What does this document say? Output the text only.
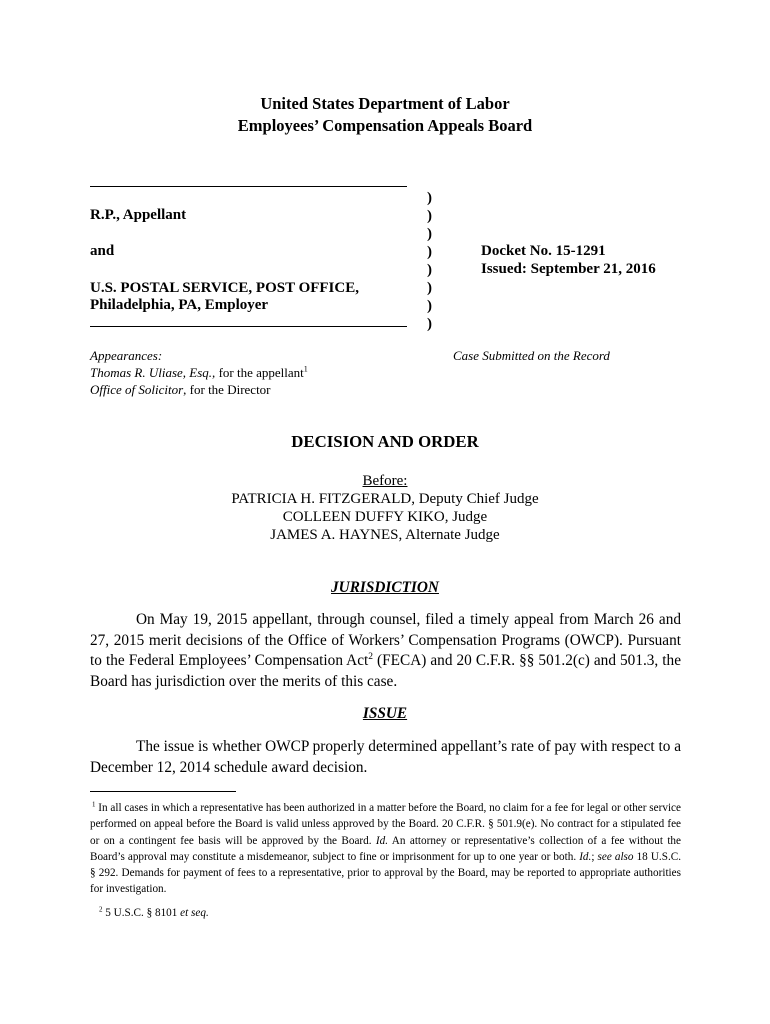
United States Department of Labor
Employees’ Compensation Appeals Board
R.P., Appellant
and
U.S. POSTAL SERVICE, POST OFFICE,
Philadelphia, PA, Employer
)
)
)
)
)
)
)
)
Docket No. 15-1291
Issued: September 21, 2016
Appearances:
Thomas R. Uliase, Esq., for the appellant$^1$
Office of Solicitor, for the Director
Case Submitted on the Record
DECISION AND ORDER
Before:
PATRICIA H. FITZGERALD, Deputy Chief Judge
COLLEEN DUFFY KIKO, Judge
JAMES A. HAYNES, Alternate Judge
JURISDICTION
On May 19, 2015 appellant, through counsel, filed a timely appeal from March 26 and 27, 2015 merit decisions of the Office of Workers’ Compensation Programs (OWCP). Pursuant to the Federal Employees’ Compensation Act$^2$ (FECA) and 20 C.F.R. §§ 501.2(c) and 501.3, the Board has jurisdiction over the merits of this case.
ISSUE
The issue is whether OWCP properly determined appellant’s rate of pay with respect to a December 12, 2014 schedule award decision.
$^1$ In all cases in which a representative has been authorized in a matter before the Board, no claim for a fee for legal or other service performed on appeal before the Board is valid unless approved by the Board. 20 C.F.R. § 501.9(e). No contract for a stipulated fee or on a contingent fee basis will be approved by the Board. Id. An attorney or representative’s collection of a fee without the Board’s approval may constitute a misdemeanor, subject to fine or imprisonment for up to one year or both. Id.; see also 18 U.S.C. § 292. Demands for payment of fees to a representative, prior to approval by the Board, may be reported to appropriate authorities for investigation.
$^2$ 5 U.S.C. § 8101 et seq.
